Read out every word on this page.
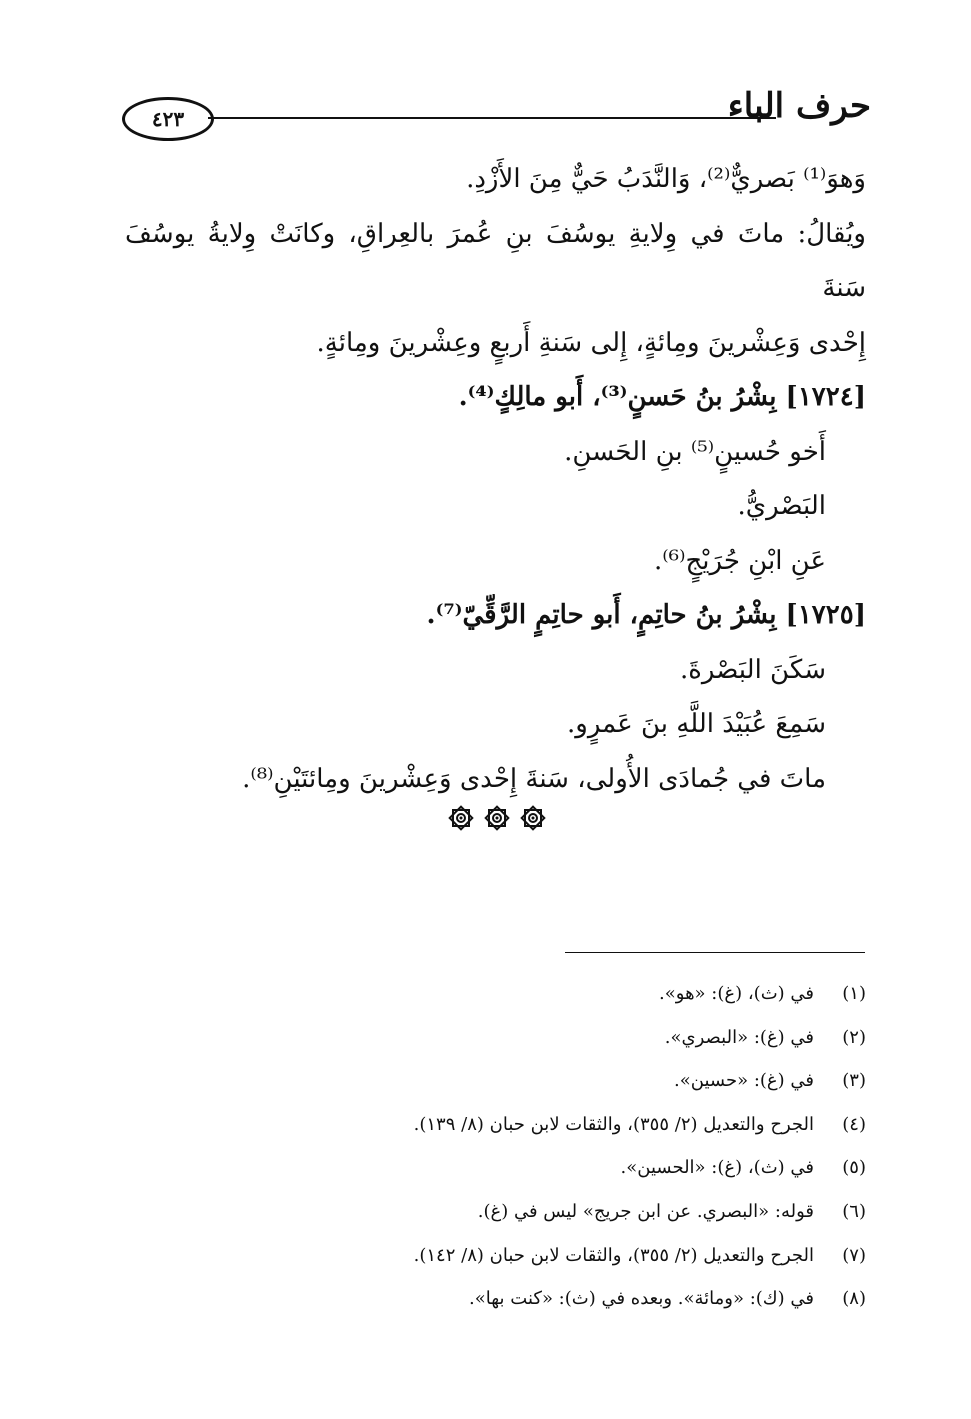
حرف الباء
٤٢٣

وَهوَ⁽¹⁾ بَصريٌّ⁽²⁾، وَالنَّدَبُ حَيٌّ مِنَ الأَزْدِ.

ويُقالُ: ماتَ في وِلايةِ يوسُفَ بنِ عُمرَ بالعِراقِ، وكانَتْ وِلايةُ يوسُفَ سَنةَ

إِحْدى وَعِشْرينَ ومِائةٍ، إِلى سَنةِ أَربعٍ وعِشْرينَ ومِائةٍ.

[١٧٢٤] بِشْرُ بنُ حَسنٍ⁽³⁾، أَبو مالِكٍ⁽⁴⁾.

أَخو حُسينٍ⁽⁵⁾ بنِ الحَسنِ.

البَصْريُّ.

عَنِ ابْنِ جُرَيْجٍ⁽⁶⁾.

[١٧٢٥] بِشْرُ بنُ حاتِمٍ، أَبو حاتِمٍ الرَّقِّيّ⁽⁷⁾.

سَكَنَ البَصْرةَ.

سَمِعَ عُبَيْدَ اللَّهِ بنَ عَمرٍو.

ماتَ في جُمادَى الأُولى، سَنةَ إِحْدى وَعِشْرينَ ومِائتَيْنِ⁽⁸⁾.

(١)
في (ث)، (غ): «هو».
(٢)
في (غ): «البصري».
(٣)
في (غ): «حسين».
(٤)
الجرح والتعديل (٢/ ٣٥٥)، والثقات لابن حبان (٨/ ١٣٩).
(٥)
في (ث)، (غ): «الحسين».
(٦)
قوله: «البصري. عن ابن جريج» ليس في (غ).
(٧)
الجرح والتعديل (٢/ ٣٥٥)، والثقات لابن حبان (٨/ ١٤٢).
(٨)
في (ك): «ومائة». وبعده في (ث): «كنت بها».
